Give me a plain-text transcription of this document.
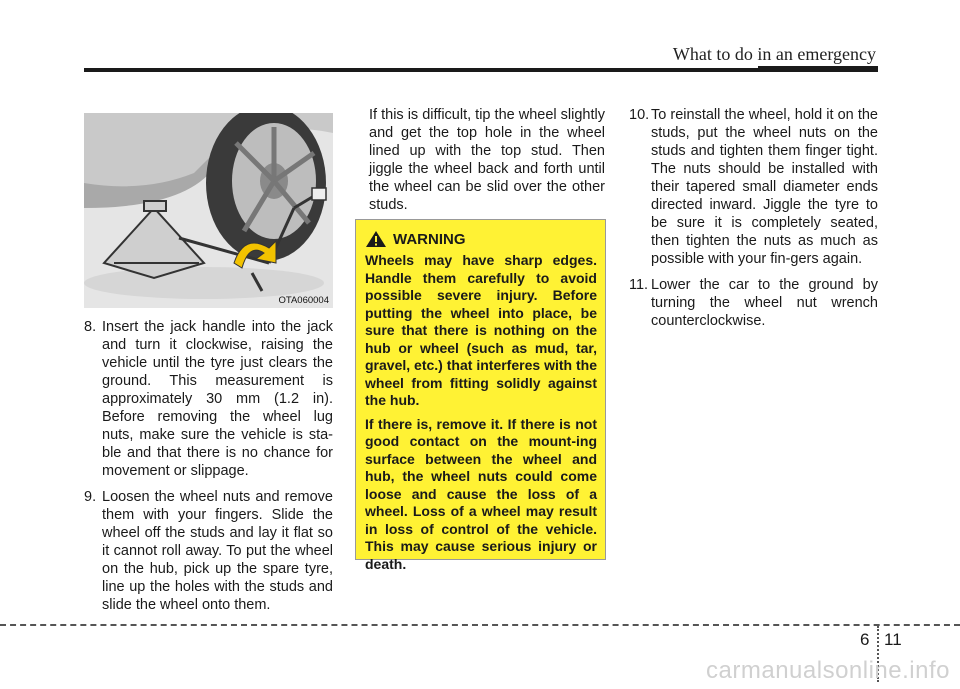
What to do in an emergency
OTA060004

8. Insert the jack handle into the jack and turn it clockwise, raising the vehicle until the tyre just clears the ground. This measurement is approximately 30 mm (1.2 in). Before removing the wheel lug nuts, make sure the vehicle is sta-ble and that there is no chance for movement or slippage.

9. Loosen the wheel nuts and remove them with your fingers. Slide the wheel off the studs and lay it flat so it cannot roll away. To put the wheel on the hub, pick up the spare tyre, line up the holes with the studs and slide the wheel onto them.

If this is difficult, tip the wheel slightly and get the top hole in the wheel lined up with the top stud. Then jiggle the wheel back and forth until the wheel can be slid over the other studs.

WARNING

Wheels may have sharp edges. Handle them carefully to avoid possible severe injury. Before putting the wheel into place, be sure that there is nothing on the hub or wheel (such as mud, tar, gravel, etc.) that interferes with the wheel from fitting solidly against the hub.

If there is, remove it. If there is not good contact on the mount-ing surface between the wheel and hub, the wheel nuts could come loose and cause the loss of a wheel. Loss of a wheel may result in loss of control of the vehicle. This may cause serious injury or death.

10. To reinstall the wheel, hold it on the studs, put the wheel nuts on the studs and tighten them finger tight. The nuts should be installed with their tapered small diameter ends directed inward. Jiggle the tyre to be sure it is completely seated, then tighten the nuts as much as possible with your fin-gers again.

11. Lower the car to the ground by turning the wheel nut wrench counterclockwise.

6 11
carmanualsonline.info
